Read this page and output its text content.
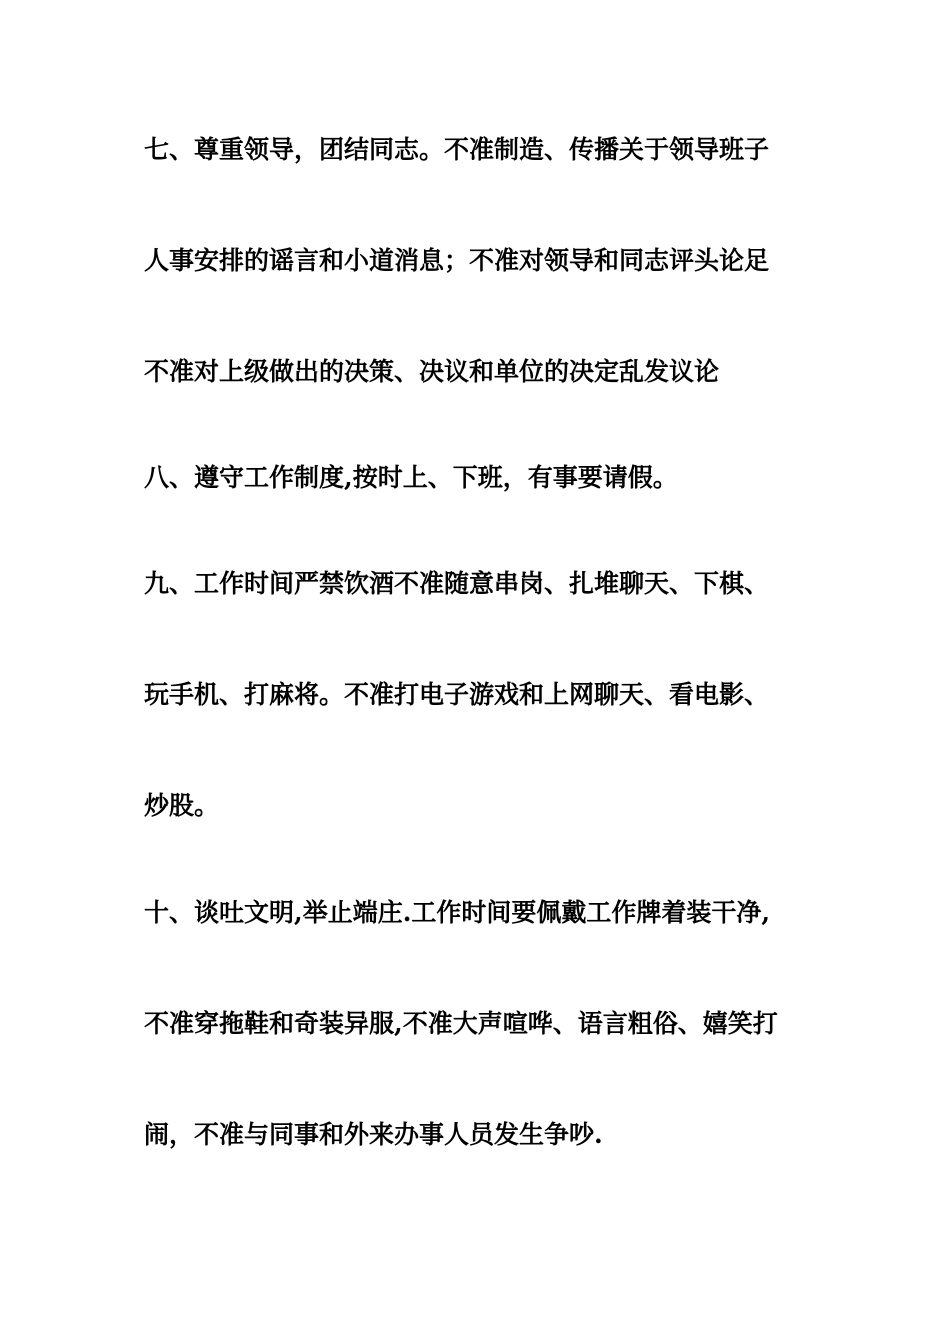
七、尊重领导，团结同志。不准制造、传播关于领导班子
人事安排的谣言和小道消息；不准对领导和同志评头论足
不准对上级做出的决策、决议和单位的决定乱发议论
八、遵守工作制度,按时上、下班，有事要请假。
九、工作时间严禁饮酒不准随意串岗、扎堆聊天、下棋、
玩手机、打麻将。不准打电子游戏和上网聊天、看电影、
炒股。
十、谈吐文明,举止端庄.工作时间要佩戴工作牌着装干净,
不准穿拖鞋和奇装异服,不准大声喧哗、语言粗俗、嬉笑打
闹，不准与同事和外来办事人员发生争吵.
